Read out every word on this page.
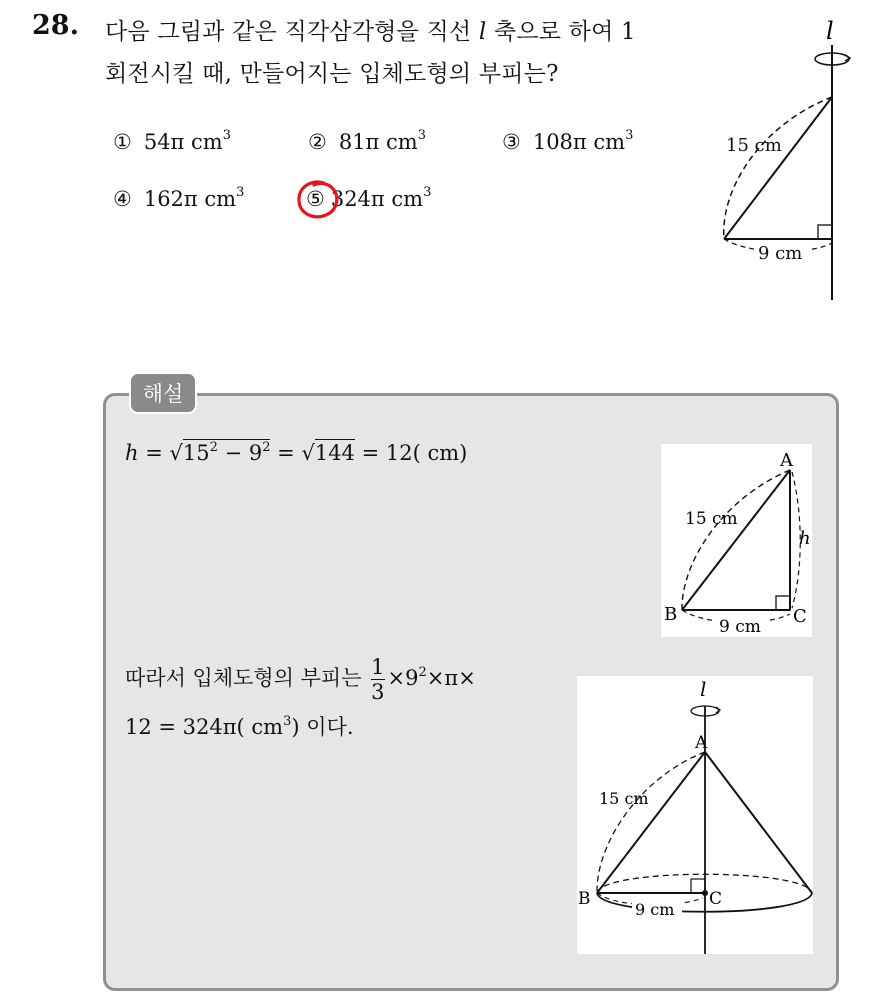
28. 다음 그림과 같은 직각삼각형을 직선 l 축으로 하여 1
회전시킬 때, 만들어지는 입체도형의 부피는?
① 54π $cm^3$	② 81π $cm^3$	③ 108π $cm^3$
④ 162π $cm^3$	⑤ 324π $cm^3$
l
15 cm
9 cm
해설
$h = √15^2 - 9^2 = √144 = 12$( cm)	A
B	C
15 cm
h
9 cm
따라서 입체도형의 부피는 $\frac{1}{3} \times 9^2\times\pi\times$
12 = 324π( $cm^3$) 이다.
l
A
B	C
15 cm
9 cm
